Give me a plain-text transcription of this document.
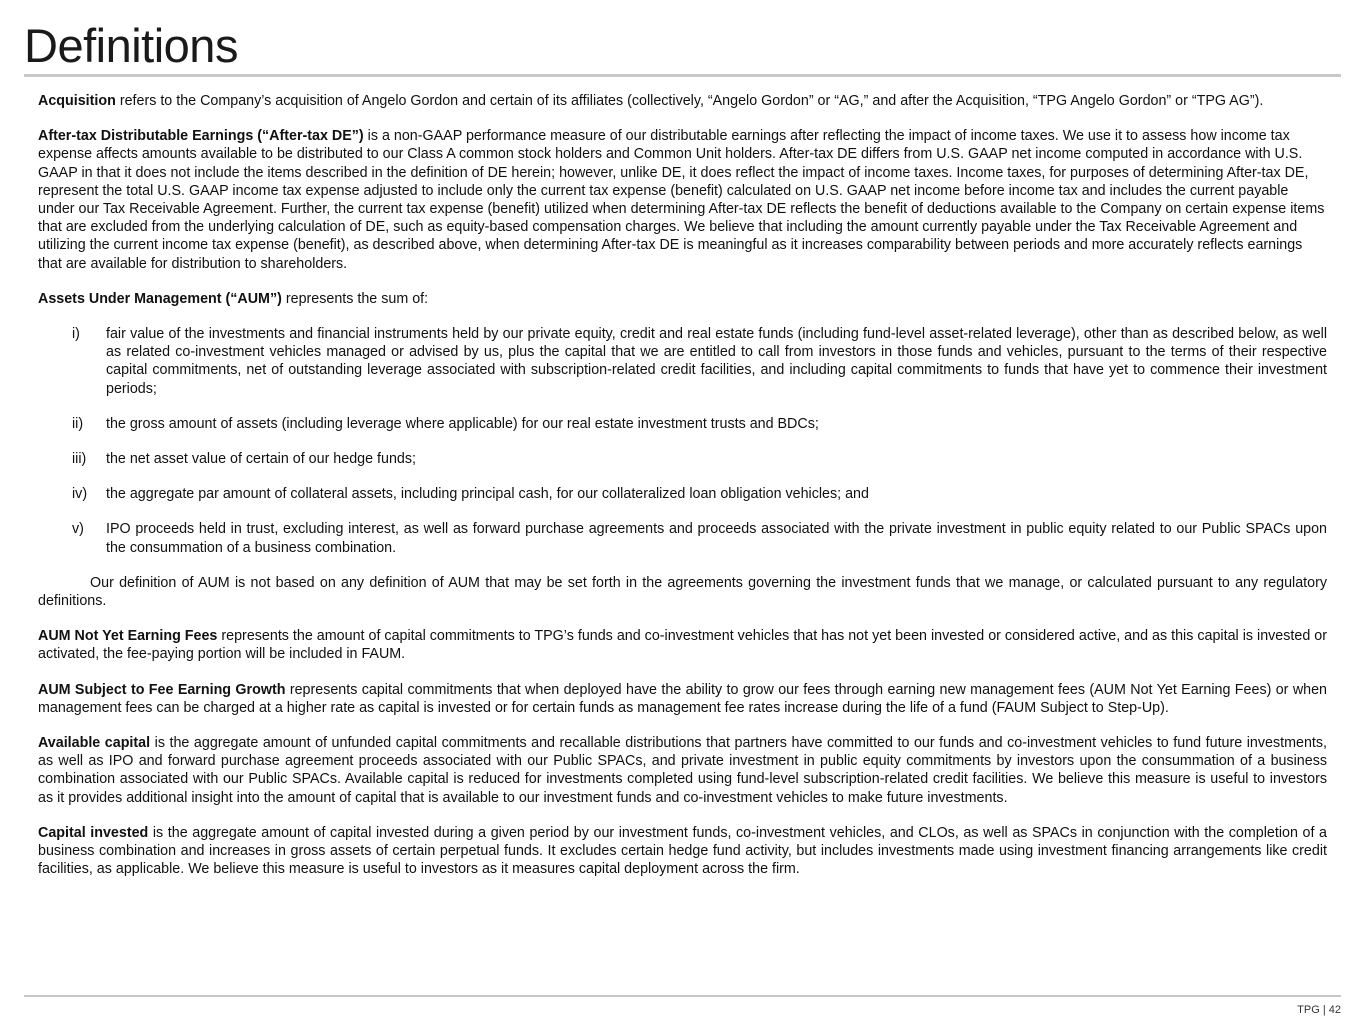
Definitions

Acquisition refers to the Company’s acquisition of Angelo Gordon and certain of its affiliates (collectively, “Angelo Gordon” or “AG,” and after the Acquisition, “TPG Angelo Gordon” or “TPG AG”).

After-tax Distributable Earnings (“After-tax DE”) is a non-GAAP performance measure of our distributable earnings after reflecting the impact of income taxes. We use it to assess how income tax expense affects amounts available to be distributed to our Class A common stock holders and Common Unit holders. After-tax DE differs from U.S. GAAP net income computed in accordance with U.S. GAAP in that it does not include the items described in the definition of DE herein; however, unlike DE, it does reflect the impact of income taxes. Income taxes, for purposes of determining After-tax DE, represent the total U.S. GAAP income tax expense adjusted to include only the current tax expense (benefit) calculated on U.S. GAAP net income before income tax and includes the current payable under our Tax Receivable Agreement. Further, the current tax expense (benefit) utilized when determining After-tax DE reflects the benefit of deductions available to the Company on certain expense items that are excluded from the underlying calculation of DE, such as equity-based compensation charges. We believe that including the amount currently payable under the Tax Receivable Agreement and utilizing the current income tax expense (benefit), as described above, when determining After-tax DE is meaningful as it increases comparability between periods and more accurately reflects earnings that are available for distribution to shareholders.

Assets Under Management (“AUM”) represents the sum of:

i)	fair value of the investments and financial instruments held by our private equity, credit and real estate funds (including fund-level asset-related leverage), other than as described below, as well as related co-investment vehicles managed or advised by us, plus the capital that we are entitled to call from investors in those funds and vehicles, pursuant to the terms of their respective capital commitments, net of outstanding leverage associated with subscription-related credit facilities, and including capital commitments to funds that have yet to commence their investment periods;
ii)	the gross amount of assets (including leverage where applicable) for our real estate investment trusts and BDCs;
iii)	the net asset value of certain of our hedge funds;
iv)	the aggregate par amount of collateral assets, including principal cash, for our collateralized loan obligation vehicles; and
v)	IPO proceeds held in trust, excluding interest, as well as forward purchase agreements and proceeds associated with the private investment in public equity related to our Public SPACs upon the consummation of a business combination.

Our definition of AUM is not based on any definition of AUM that may be set forth in the agreements governing the investment funds that we manage, or calculated pursuant to any regulatory definitions.

AUM Not Yet Earning Fees represents the amount of capital commitments to TPG’s funds and co-investment vehicles that has not yet been invested or considered active, and as this capital is invested or activated, the fee-paying portion will be included in FAUM.

AUM Subject to Fee Earning Growth represents capital commitments that when deployed have the ability to grow our fees through earning new management fees (AUM Not Yet Earning Fees) or when management fees can be charged at a higher rate as capital is invested or for certain funds as management fee rates increase during the life of a fund (FAUM Subject to Step-Up).

Available capital is the aggregate amount of unfunded capital commitments and recallable distributions that partners have committed to our funds and co-investment vehicles to fund future investments, as well as IPO and forward purchase agreement proceeds associated with our Public SPACs, and private investment in public equity commitments by investors upon the consummation of a business combination associated with our Public SPACs. Available capital is reduced for investments completed using fund-level subscription-related credit facilities. We believe this measure is useful to investors as it provides additional insight into the amount of capital that is available to our investment funds and co-investment vehicles to make future investments.

Capital invested is the aggregate amount of capital invested during a given period by our investment funds, co-investment vehicles, and CLOs, as well as SPACs in conjunction with the completion of a business combination and increases in gross assets of certain perpetual funds. It excludes certain hedge fund activity, but includes investments made using investment financing arrangements like credit facilities, as applicable. We believe this measure is useful to investors as it measures capital deployment across the firm.

TPG | 42
